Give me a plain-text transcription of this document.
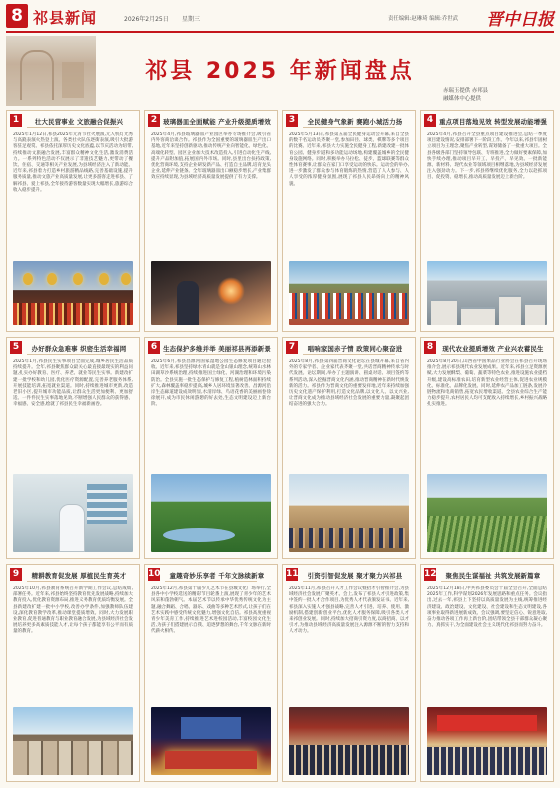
8 祁县新闻	2026年2月25日 星期三	责任编辑:赵琳琦 编辑:乔世武 晋中日报
祁县 2025 年新闻盘点
赤瑞玉提供 赤邦县
融媒体中心提供
1	壮大民营事业 文旅融合促振兴
2025年1月12日,祁县2025年元宵节社火展演,元人机灯光秀与高跷表演火热登上演。各类社火队伍逐街表演,吸引大批游客驻足观赏。祁县依托深厚历史文化底蕴,以节庆活动为纽带,持续推动文旅融合发展,丰富群众精神文化生活,激发消费活力。一系列特色活动不仅展示了非遗技艺魅力,更带动了餐饮、住宿、交通等相关产业发展,为县域经济注入了新动能。近年来,祁县着力打造乡村旅游精品线路,完善基础设施,提升服务质量,推动文旅产业高质量发展,让更多游客走进祁县、了解祁县、爱上祁县,全年接待游客数量实现大幅增长,旅游综合收入稳步提升。
2 玻璃器皿全面赋能 产业升级提质增效
2025年4月,祁县玻璃器皿产业园区举办专场推介会,吸引省内外客商洽谈合作。祁县作为全国重要的玻璃器皿生产出口基地,近年来坚持创新驱动,推动传统产业向智能化、绿色化、高端化转型。园区企业加大技术改造投入,引进自动化生产线,提升产品附加值,拓展国内外市场。同时,县里出台扶持政策,优化营商环境,支持企业研发新产品、打造自主品牌,培育龙头企业,延伸产业链条。全年玻璃器皿出口额稳步增长,产业集群效应持续显现,为县域经济高质量发展提供了有力支撑。
3	全民健身气象新 赛跑小城活力扬
2025年5月13日,祁县第五届全民健身运动会开幕,来自全县的数千名运动员齐聚一堂,参加田径、球类、棋牌等多个项目的比赛。近年来,祁县大力实施全民健身工程,新建改建一批体育公园、健身步道和多功能运动场地,构建覆盖城乡的全民健身设施网络。同时,积极举办马拉松、徒步、篮球联赛等群众性体育赛事,让群众在家门口享受运动的快乐。运动会的举办,进一步激发了群众参与体育锻炼的热情,营造了人人参与、人人享受的浓厚健身氛围,展现了祁县人民昂扬向上的精神风貌。
4 重点项目落地见效 转型发展动能增强
2025年4月,祁县召开全县重点项目建设推进会,总结一季度项目建设情况,安排部署下一阶段工作。今年以来,祁县牢固树立项目为王理念,聚焦产业转型,谋划储备了一批重大项目。全县各级各部门坚持领导包联、专班推进,全力做好要素保障,加快手续办理,推动项目早开工、早投产、早见效。一批新能源、新材料、现代农业等领域项目相继落地,为县域经济发展注入强劲动力。下一步,祁县将继续优化服务,全力以赴抓项目、促投资、稳增长,推动高质量发展迈上新台阶。
5	办好群众急难事 织密生活幸福网
2025年1月,祁县民生实事项目全面完成,城乡居民生活品质持续提升。全年,祁县聚焦群众最关心最直接最现实的利益问题,扎实办好教育、医疗、养老、就业等民生实事。新建改扩建一批学校和幼儿园,优化医疗资源配置,完善养老服务体系,开展技能培训,拓宽就业渠道。同时,持续推进城市更新,改造老旧小区,提升城市功能品质,让群众生活更加便利、更加舒适。一件件民生实事落地见效,不断增强人民群众的获得感、幸福感、安全感,绘就了祁县民生幸福新画卷。
6 生态保护多维并举 美丽祁县再添新景
2025年6月,祁县昌源河国家湿地公园生态修复项目通过验收。近年来,祁县坚持绿水青山就是金山银山理念,统筹山水林田湖草沙系统治理,持续推进国土绿化、河湖治理和环境污染防治。全县实施一批生态保护与修复工程,植树造林面积持续扩大,森林覆盖率稳步提高,城乡人居环境显著改善。昌源河沿岸生态廊道建设成效明显,水清岸绿、鸟语花香的美丽画卷徐徐展开,成为市民休闲游憩的好去处,生态文明建设迈上新台阶。
7	唱响家国赤子情 政策同心聚奋进
2025年8月,祁县第四届晋商文化论坛在县城开幕,来自省内外的专家学者、企业家代表齐聚一堂,共话晋商精神传承与时代发展。论坛期间,举办了主题演讲、圆桌对话、项目签约等系列活动,深入挖掘晋商文化内涵,推动晋商精神在新时代焕发新的活力。祁县作为晋商文化的重要发祥地,近年来持续加强历史文化遗产保护利用,打造文化品牌,以文化人、以文兴业,让晋商文化成为推动县域经济社会发展的重要力量,凝聚起团结奋进的强大合力。
8	现代农业提质增效 产业兴农蓄民生
2025年8月20日,山西省中国果品行业协会在祁县召开现场推介会,展示祁县现代农业发展成果。近年来,祁县立足资源禀赋,大力发展酥梨、葡萄、蔬菜等特色农业,推进设施农业提档升级,建设高标准农田,培育新型农业经营主体,促进农业规模化、标准化、品牌化发展。同时,延伸农产品加工链条,发展冷链物流和电商销售,拓宽农民增收渠道。全县农业综合生产能力稳步提升,农村居民人均可支配收入持续增长,乡村振兴战略扎实推进。
9	精耕教育促发展 厚植民生育英才
2025年10月,祁县教育系统召开新学期工作会议,总结成绩,部署任务。近年来,祁县始终坚持教育优先发展战略,持续加大教育投入,优化教育资源布局,推进义务教育优质均衡发展。全县新建改扩建一批中小学校,改善办学条件,加强教师队伍建设,深化教育教学改革,推动课堂提质增效。同时,大力发展职业教育,促进普通教育与职业教育融合发展,为县域经济社会发展培养更多高素质技能人才,让每个孩子都能享有公平而有质量的教育。
10	童趣奇妙乐享者 千年文脉续新章
2025年12月,祁县第十届少儿艺术节在县城文化广场举行,全县各中小学校选送的精彩节目轮番上演,展现了青少年的艺术风采和蓬勃朝气。本届艺术节以传承中华优秀传统文化为主题,融合舞蹈、合唱、器乐、戏曲等多种艺术形式,让孩子们在艺术实践中感受传统文化魅力,增强文化自信。祁县高度重视青少年美育工作,持续推进艺术进校园活动,丰富校园文化生活,为孩子们搭建展示自我、追逐梦想的舞台,千年文脉在新时代薪火相传。
11	引资引智促发展 聚才聚力兴祁县
2025年11月,祁县召开人才工作会议暨招才引智推介会,为县域经济社会发展广聚英才。会上,发布了祁县人才引进政策,集中签约一批人才合作项目,为优秀人才代表颁发证书。近年来,祁县深入实施人才强县战略,完善人才引进、培养、使用、激励机制,搭建创新创业平台,优化人才服务保障,吸引各类人才来祁创业发展。同时,持续加大招商引资力度,以商招商、以才引才,为推动县域经济高质量发展注入源源不断的智力支持和人才动力。
12	聚焦民生谋福祉 共筑发展新篇章
2025年12月18日,中共祁县委员会十届全会召开,全面总结2025年工作,科学谋划2026年发展思路和重点任务。会议指出,过去一年,祁县上下坚持以高质量发展为主线,统筹推进经济建设、政治建设、文化建设、社会建设和生态文明建设,各项事业取得新进展新成效。会议强调,要坚定信心、锐意进取,奋力推动各项工作再上新台阶,团结带领全县干部群众凝心聚力、真抓实干,为全面建设社会主义现代化祁县而努力奋斗。
